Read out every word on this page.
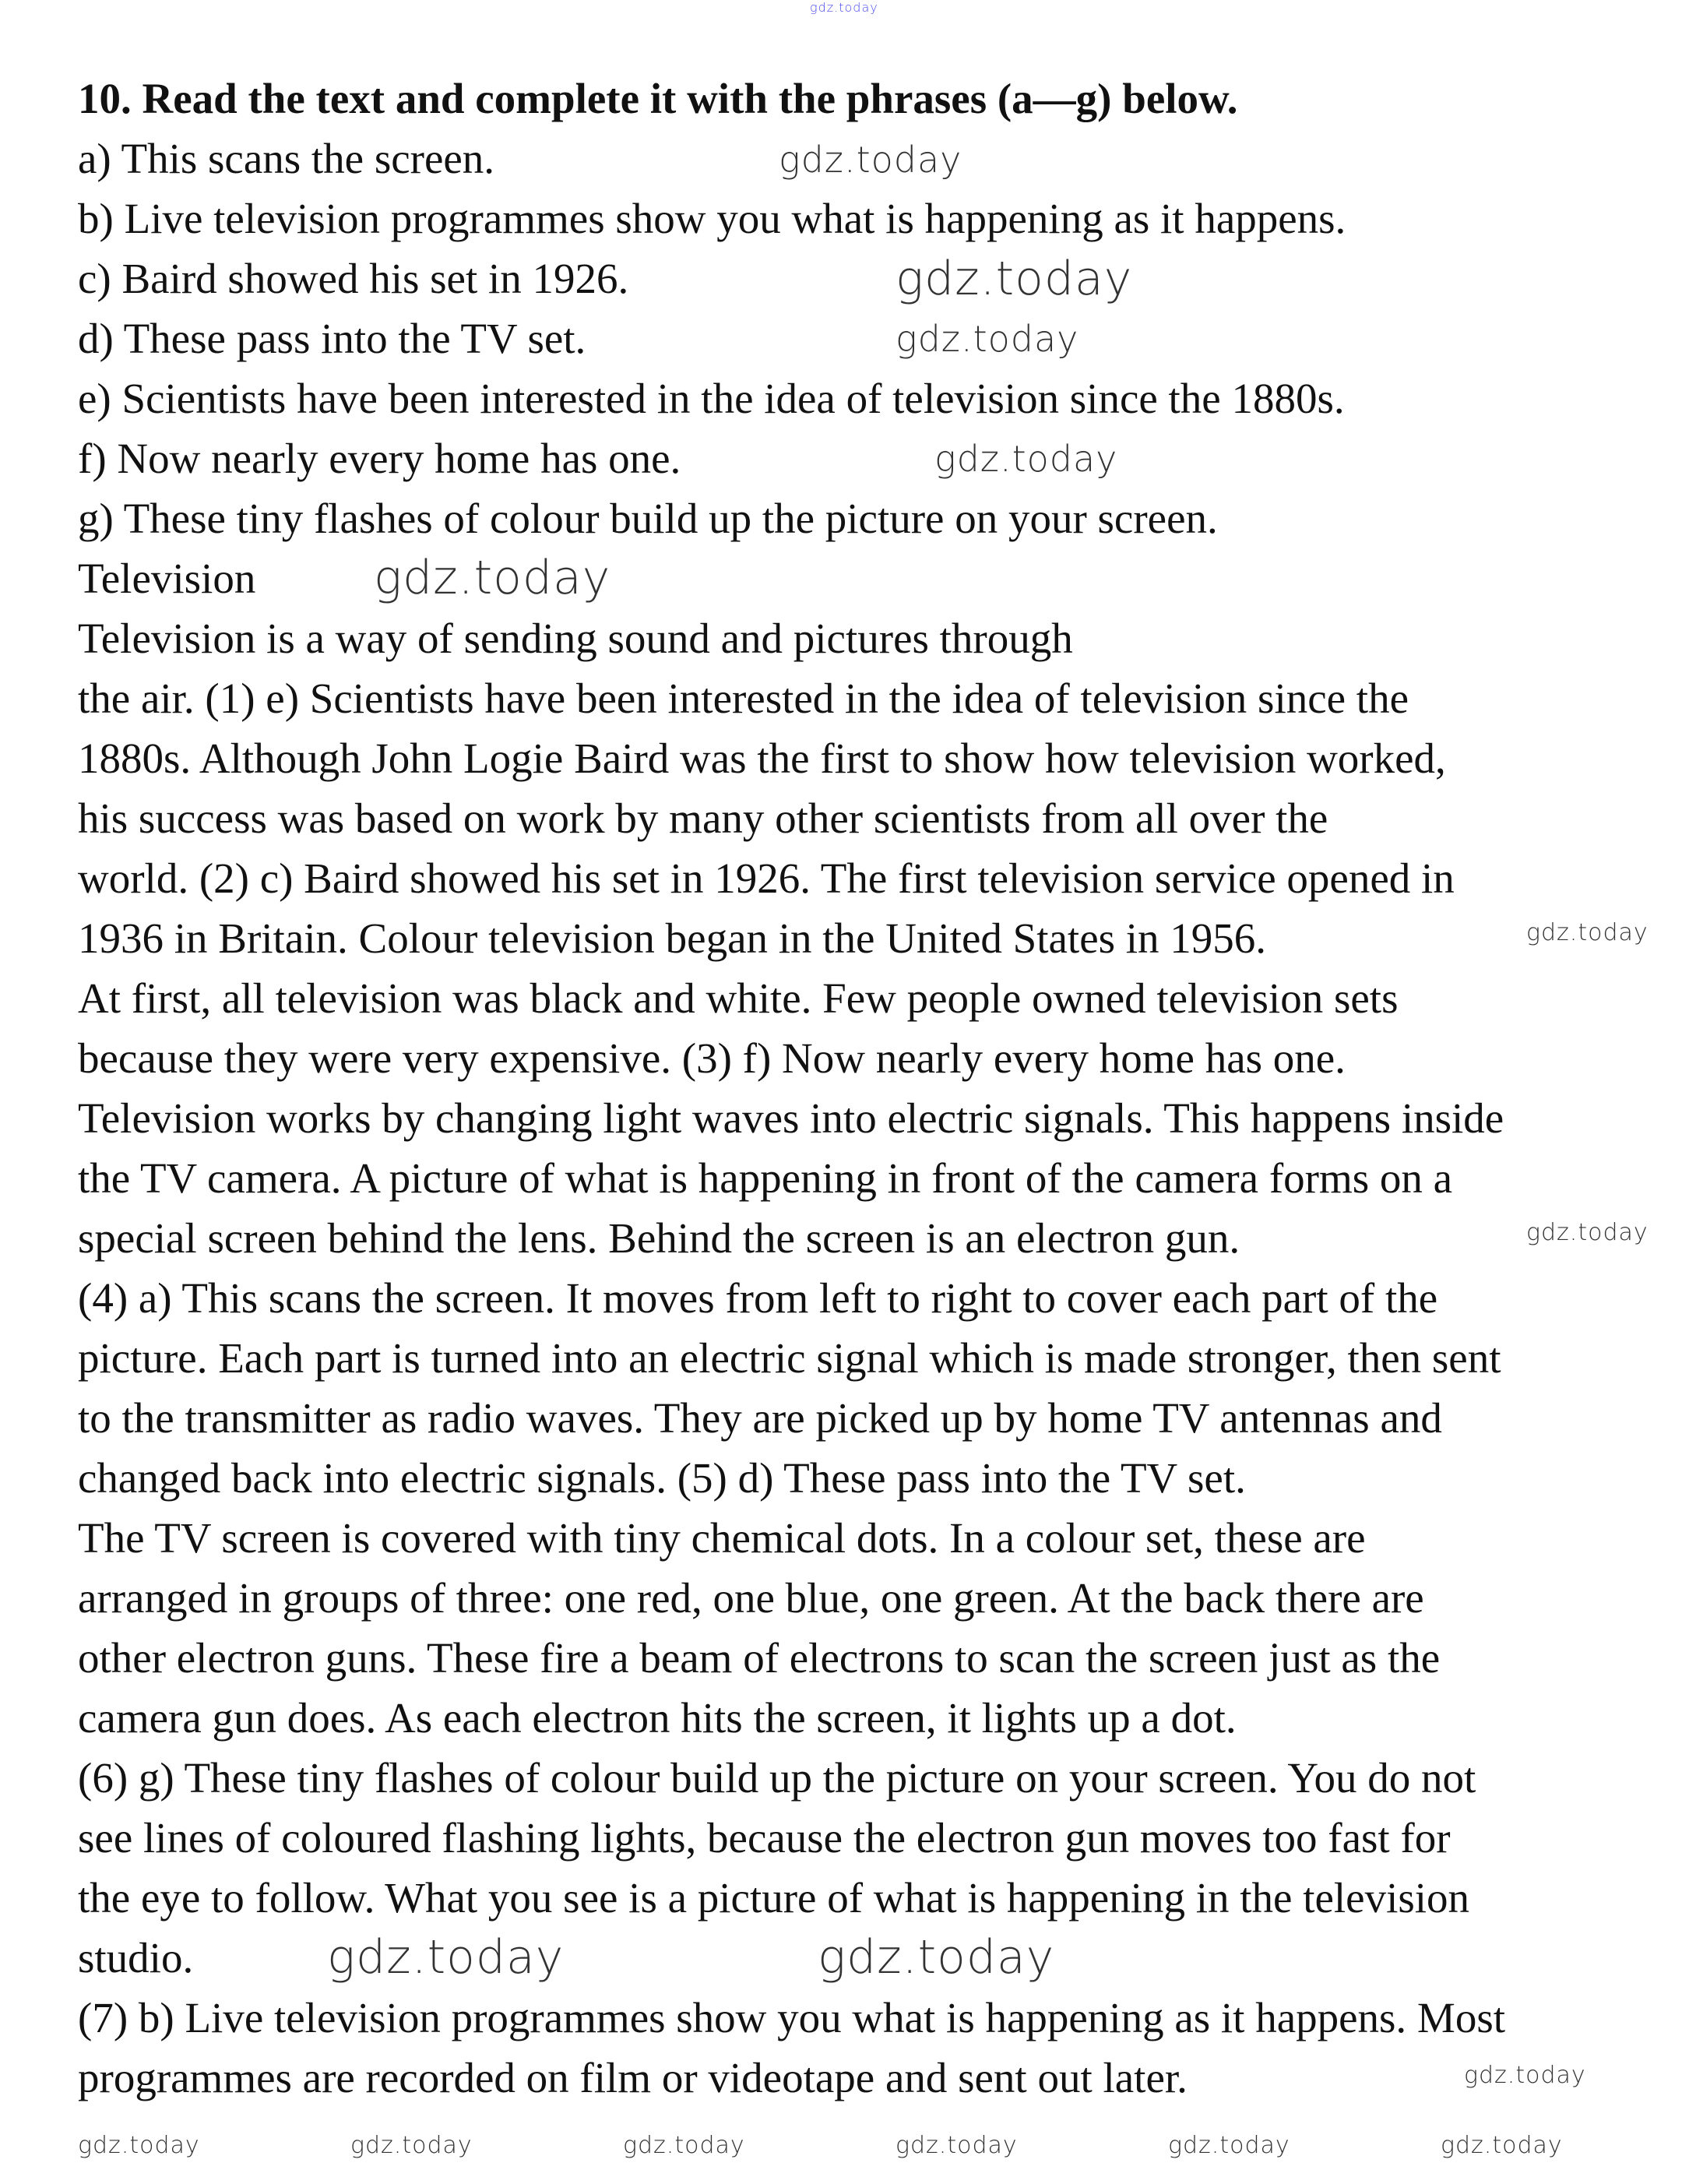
10. Read the text and complete it with the phrases (a—g) below.
a) This scans the screen.
b) Live television programmes show you what is happening as it happens.
c) Baird showed his set in 1926.
d) These pass into the TV set.
e) Scientists have been interested in the idea of television since the 1880s.
f) Now nearly every home has one.
g) These tiny flashes of colour build up the picture on your screen.
Television
Television is a way of sending sound and pictures through
the air. (1) e) Scientists have been interested in the idea of television since the
1880s. Although John Logie Baird was the first to show how television worked,
his success was based on work by many other scientists from all over the
world. (2) c) Baird showed his set in 1926. The first television service opened in
1936 in Britain. Colour television began in the United States in 1956.
At first, all television was black and white. Few people owned television sets
because they were very expensive. (3) f) Now nearly every home has one.
Television works by changing light waves into electric signals. This happens inside
the TV camera. A picture of what is happening in front of the camera forms on a
special screen behind the lens. Behind the screen is an electron gun.
(4) a) This scans the screen. It moves from left to right to cover each part of the
picture. Each part is turned into an electric signal which is made stronger, then sent
to the transmitter as radio waves. They are picked up by home TV antennas and
changed back into electric signals. (5) d) These pass into the TV set.
The TV screen is covered with tiny chemical dots. In a colour set, these are
arranged in groups of three: one red, one blue, one green. At the back there are
other electron guns. These fire a beam of electrons to scan the screen just as the
camera gun does. As each electron hits the screen, it lights up a dot.
(6) g) These tiny flashes of colour build up the picture on your screen. You do not
see lines of coloured flashing lights, because the electron gun moves too fast for
the eye to follow. What you see is a picture of what is happening in the television
studio.
(7) b) Live television programmes show you what is happening as it happens. Most
programmes are recorded on film or videotape and sent out later.
gdz.today
gdz.today
gdz.today
gdz.today
gdz.today
gdz.today
gdz.today
gdz.today
gdz.today	gdz.today
gdz.today
gdz.today	gdz.today	gdz.today	gdz.today	gdz.today	gdz.today
